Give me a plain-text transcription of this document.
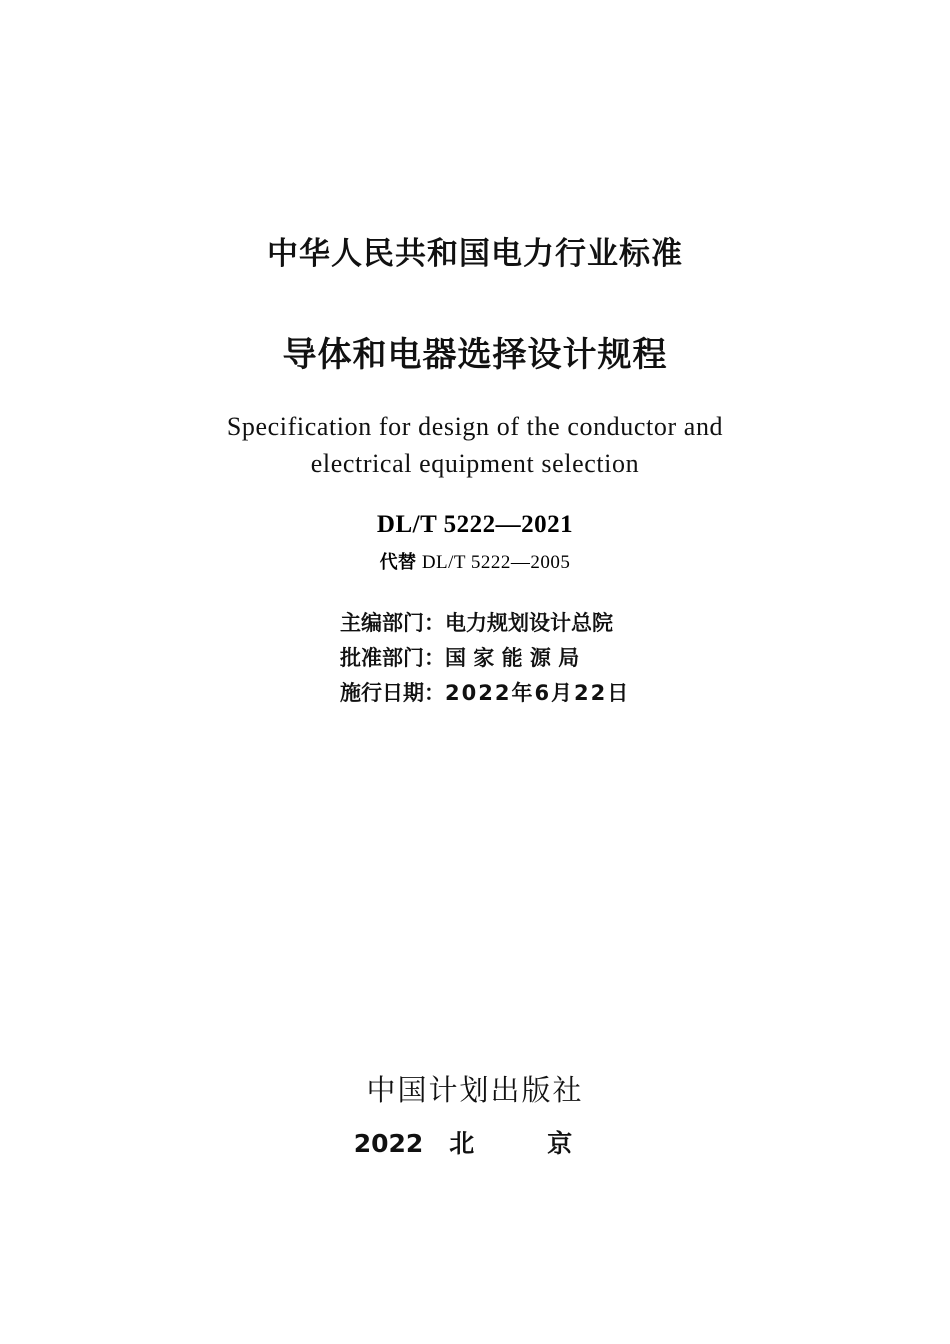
中华人民共和国电力行业标准
导体和电器选择设计规程
Specification for design of the conductor and
electrical equipment selection
DL/T 5222—2021
代替 DL/T 5222—2005
主编部门：电力规划设计总院
批准部门：国 家 能 源 局
施行日期：2022年6月22日
中国计划出版社
2022 北　京
